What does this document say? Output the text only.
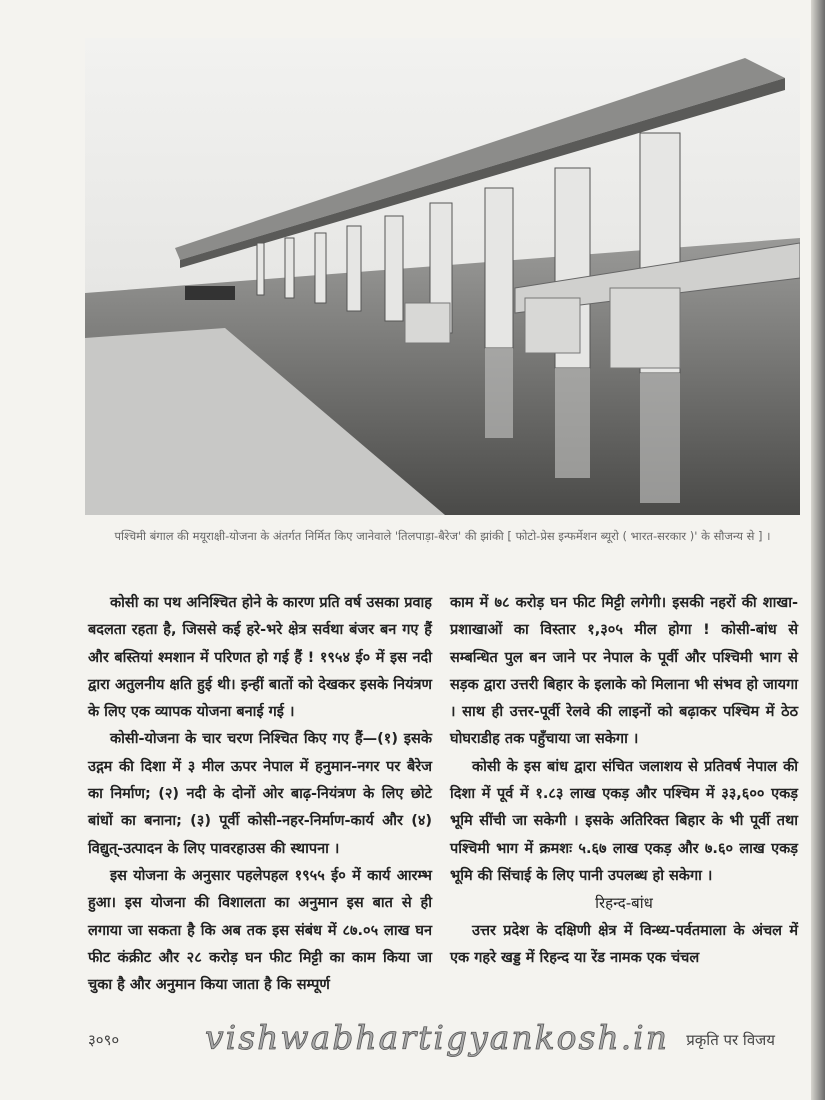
पश्चिमी बंगाल की मयूराक्षी-योजना के अंतर्गत निर्मित किए जानेवाले 'तिलपाड़ा-बैरेज' की झांकी [ फोटो-प्रेस इन्फर्मेशन ब्यूरो ( भारत-सरकार )' के सौजन्य से ] ।

कोसी का पथ अनिश्चित होने के कारण प्रति वर्ष उसका प्रवाह बदलता रहता है, जिससे कई हरे-भरे क्षेत्र सर्वथा बंजर बन गए हैं और बस्तियां श्मशान में परिणत हो गई हैं ! १९५४ ई० में इस नदी द्वारा अतुलनीय क्षति हुई थी। इन्हीं बातों को देखकर इसके नियंत्रण के लिए एक व्यापक योजना बनाई गई ।

कोसी-योजना के चार चरण निश्चित किए गए हैं—(१) इसके उद्गम की दिशा में ३ मील ऊपर नेपाल में हनुमान-नगर पर बैरेज का निर्माण; (२) नदी के दोनों ओर बाढ़-नियंत्रण के लिए छोटे बांधों का बनाना; (३) पूर्वी कोसी-नहर-निर्माण-कार्य और (४) विद्युत्-उत्पादन के लिए पावरहाउस की स्थापना ।

इस योजना के अनुसार पहलेपहल १९५५ ई० में कार्य आरम्भ हुआ। इस योजना की विशालता का अनुमान इस बात से ही लगाया जा सकता है कि अब तक इस संबंध में ८७.०५ लाख घन फीट कंक्रीट और २८ करोड़ घन फीट मिट्टी का काम किया जा चुका है और अनुमान किया जाता है कि सम्पूर्ण

काम में ७८ करोड़ घन फीट मिट्टी लगेगी। इसकी नहरों की शाखा-प्रशाखाओं का विस्तार १,३०५ मील होगा ! कोसी-बांध से सम्बन्धित पुल बन जाने पर नेपाल के पूर्वी और पश्चिमी भाग से सड़क द्वारा उत्तरी बिहार के इलाके को मिलाना भी संभव हो जायगा । साथ ही उत्तर-पूर्वी रेलवे की लाइनों को बढ़ाकर पश्चिम में ठेठ घोघराडीह तक पहुँचाया जा सकेगा ।

कोसी के इस बांध द्वारा संचित जलाशय से प्रतिवर्ष नेपाल की दिशा में पूर्व में १.८३ लाख एकड़ और पश्चिम में ३३,६०० एकड़ भूमि सींची जा सकेगी । इसके अतिरिक्त बिहार के भी पूर्वी तथा पश्चिमी भाग में क्रमशः ५.६७ लाख एकड़ और ७.६० लाख एकड़ भूमि की सिंचाई के लिए पानी उपलब्ध हो सकेगा ।

रिहन्द-बांध

उत्तर प्रदेश के दक्षिणी क्षेत्र में विन्ध्य-पर्वतमाला के अंचल में एक गहरे खड्ड में रिहन्द या रेंड नामक एक चंचल

३०९०	vishwabhartigyankosh.in प्रकृति पर विजय
